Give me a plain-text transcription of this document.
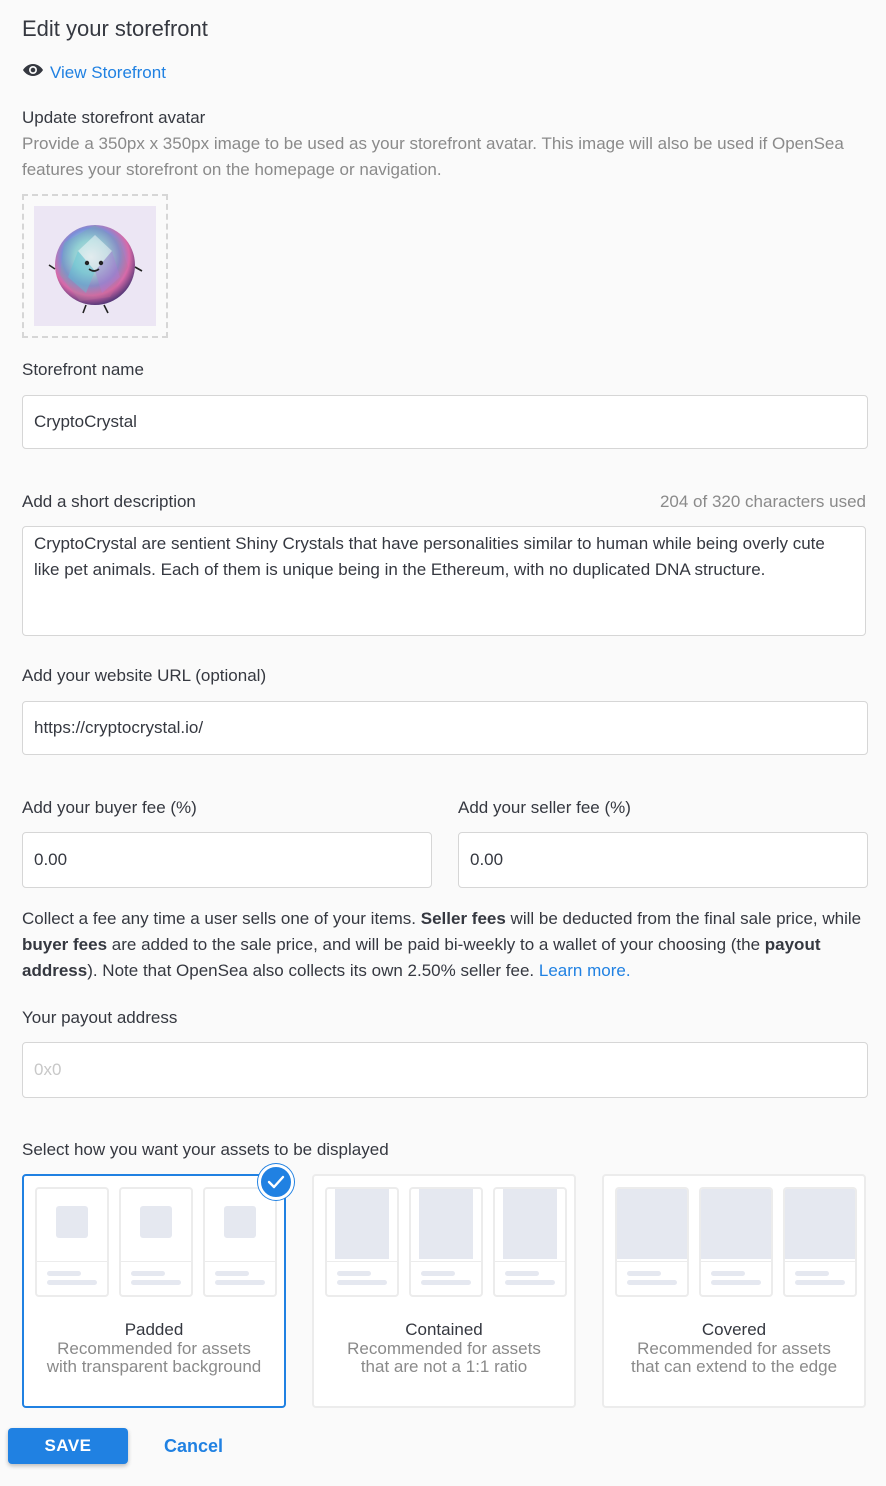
Edit your storefront
View Storefront
Update storefront avatar
Provide a 350px x 350px image to be used as your storefront avatar. This image will also be used if OpenSea features your storefront on the homepage or navigation.
Storefront name
CryptoCrystal
Add a short description	204 of 320 characters used
CryptoCrystal are sentient Shiny Crystals that have personalities similar to human while being overly cute like pet animals. Each of them is unique being in the Ethereum, with no duplicated DNA structure.
Add your website URL (optional)
https://cryptocrystal.io/
Add your buyer fee (%)
0.00
Add your seller fee (%)
0.00
Collect a fee any time a user sells one of your items. Seller fees will be deducted from the final sale price, while buyer fees are added to the sale price, and will be paid bi-weekly to a wallet of your choosing (the payout address). Note that OpenSea also collects its own 2.50% seller fee. Learn more.
Your payout address
0x0
Select how you want your assets to be displayed
Padded
Recommended for assets
with transparent background
Contained
Recommended for assets
that are not a 1:1 ratio
Covered
Recommended for assets
that can extend to the edge
SAVE	Cancel
